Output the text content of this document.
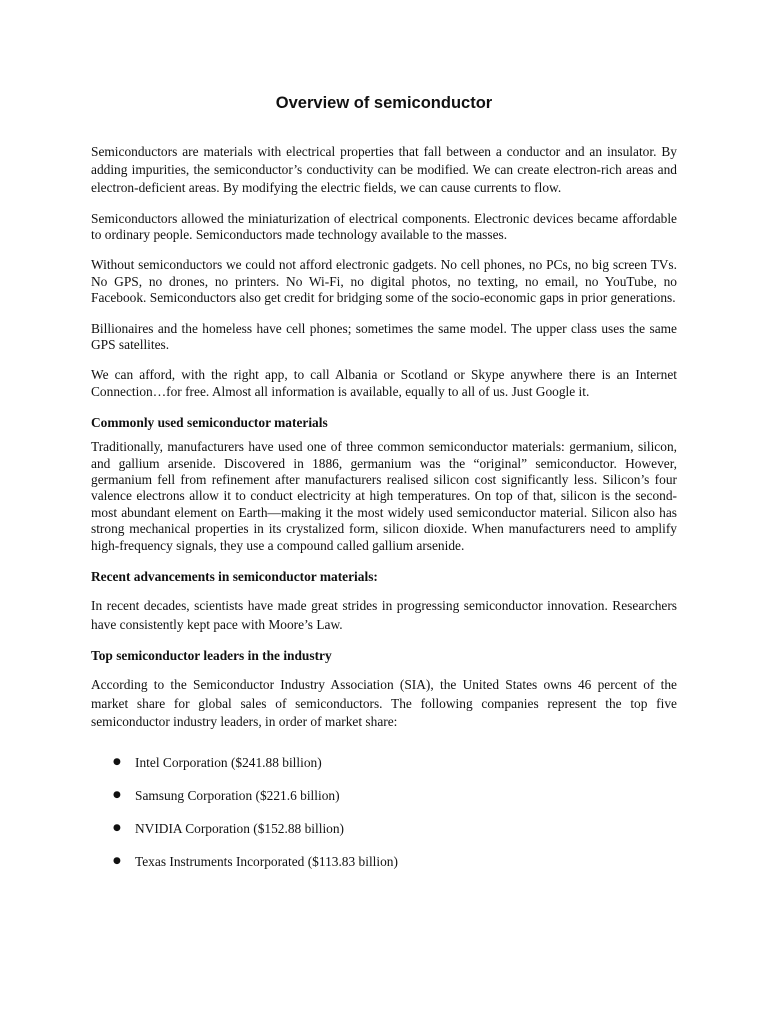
Overview of semiconductor

Semiconductors are materials with electrical properties that fall between a conductor and an insulator. By adding impurities, the semiconductor’s conductivity can be modified. We can create electron-rich areas and electron-deficient areas. By modifying the electric fields, we can cause currents to flow.

Semiconductors allowed the miniaturization of electrical components. Electronic devices became affordable to ordinary people. Semiconductors made technology available to the masses.

Without semiconductors we could not afford electronic gadgets. No cell phones, no PCs, no big screen TVs. No GPS, no drones, no printers. No Wi-Fi, no digital photos, no texting, no email, no YouTube, no Facebook. Semiconductors also get credit for bridging some of the socio-economic gaps in prior generations.

Billionaires and the homeless have cell phones; sometimes the same model. The upper class uses the same GPS satellites.

We can afford, with the right app, to call Albania or Scotland or Skype anywhere there is an Internet Connection…for free. Almost all information is available, equally to all of us. Just Google it.

Commonly used semiconductor materials

Traditionally, manufacturers have used one of three common semiconductor materials: germanium, silicon, and gallium arsenide. Discovered in 1886, germanium was the “original” semiconductor. However, germanium fell from refinement after manufacturers realised silicon cost significantly less. Silicon’s four valence electrons allow it to conduct electricity at high temperatures. On top of that, silicon is the second-most abundant element on Earth—making it the most widely used semiconductor material. Silicon also has strong mechanical properties in its crystalized form, silicon dioxide. When manufacturers need to amplify high-frequency signals, they use a compound called gallium arsenide.

Recent advancements in semiconductor materials:

In recent decades, scientists have made great strides in progressing semiconductor innovation. Researchers have consistently kept pace with Moore’s Law.

Top semiconductor leaders in the industry

According to the Semiconductor Industry Association (SIA), the United States owns 46 percent of the market share for global sales of semiconductors. The following companies represent the top five semiconductor industry leaders, in order of market share:

● Intel Corporation ($241.88 billion)
● Samsung Corporation ($221.6 billion)
● NVIDIA Corporation ($152.88 billion)
● Texas Instruments Incorporated ($113.83 billion)
